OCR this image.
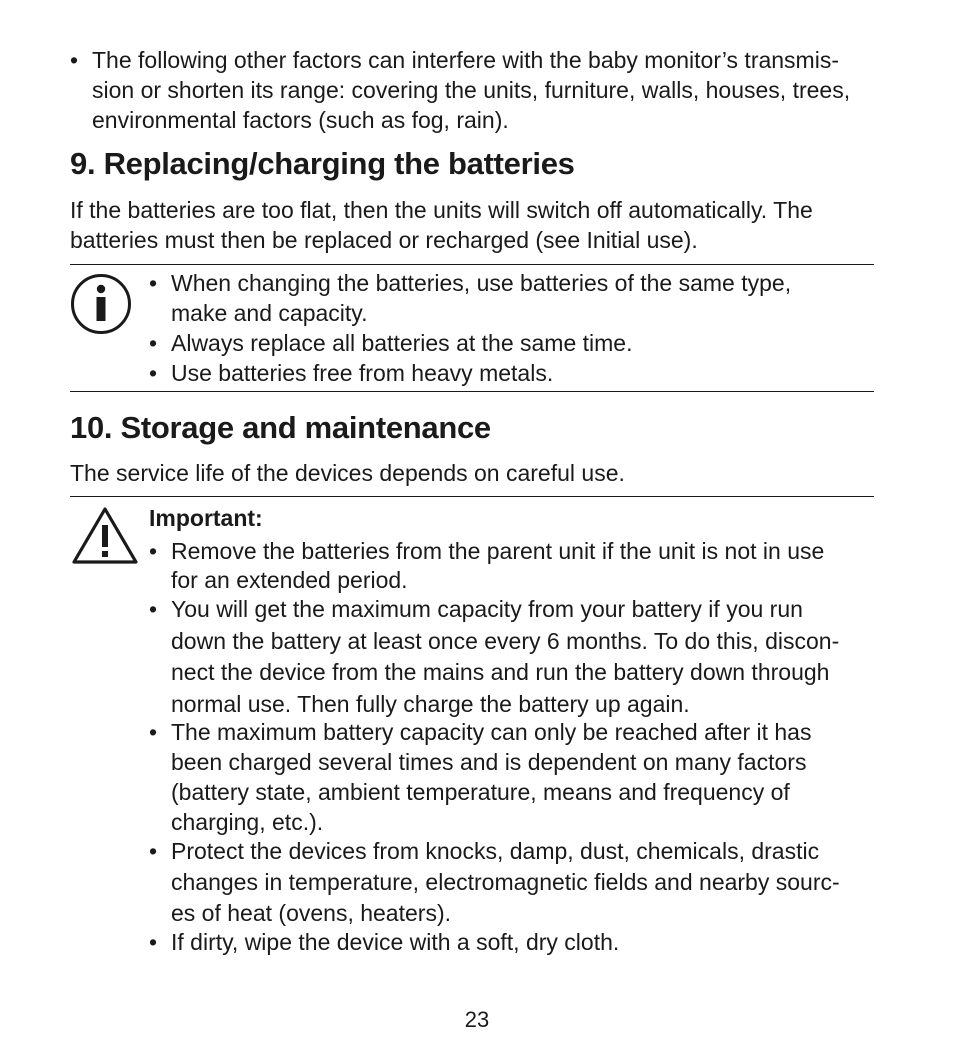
• The following other factors can interfere with the baby monitor’s transmis-
sion or shorten its range: covering the units, furniture, walls, houses, trees,
environmental factors (such as fog, rain).
9. Replacing/charging the batteries
If the batteries are too flat, then the units will switch off automatically. The
batteries must then be replaced or recharged (see Initial use).
• When changing the batteries, use batteries of the same type,
make and capacity.
• Always replace all batteries at the same time.
• Use batteries free from heavy metals.
10. Storage and maintenance
The service life of the devices depends on careful use.
Important:
• Remove the batteries from the parent unit if the unit is not in use
for an extended period.
• You will get the maximum capacity from your battery if you run
down the battery at least once every 6 months. To do this, discon-
nect the device from the mains and run the battery down through
normal use. Then fully charge the battery up again.
• The maximum battery capacity can only be reached after it has
been charged several times and is dependent on many factors
(battery state, ambient temperature, means and frequency of
charging, etc.).
• Protect the devices from knocks, damp, dust, chemicals, drastic
changes in temperature, electromagnetic fields and nearby sourc-
es of heat (ovens, heaters).
• If dirty, wipe the device with a soft, dry cloth.
23
